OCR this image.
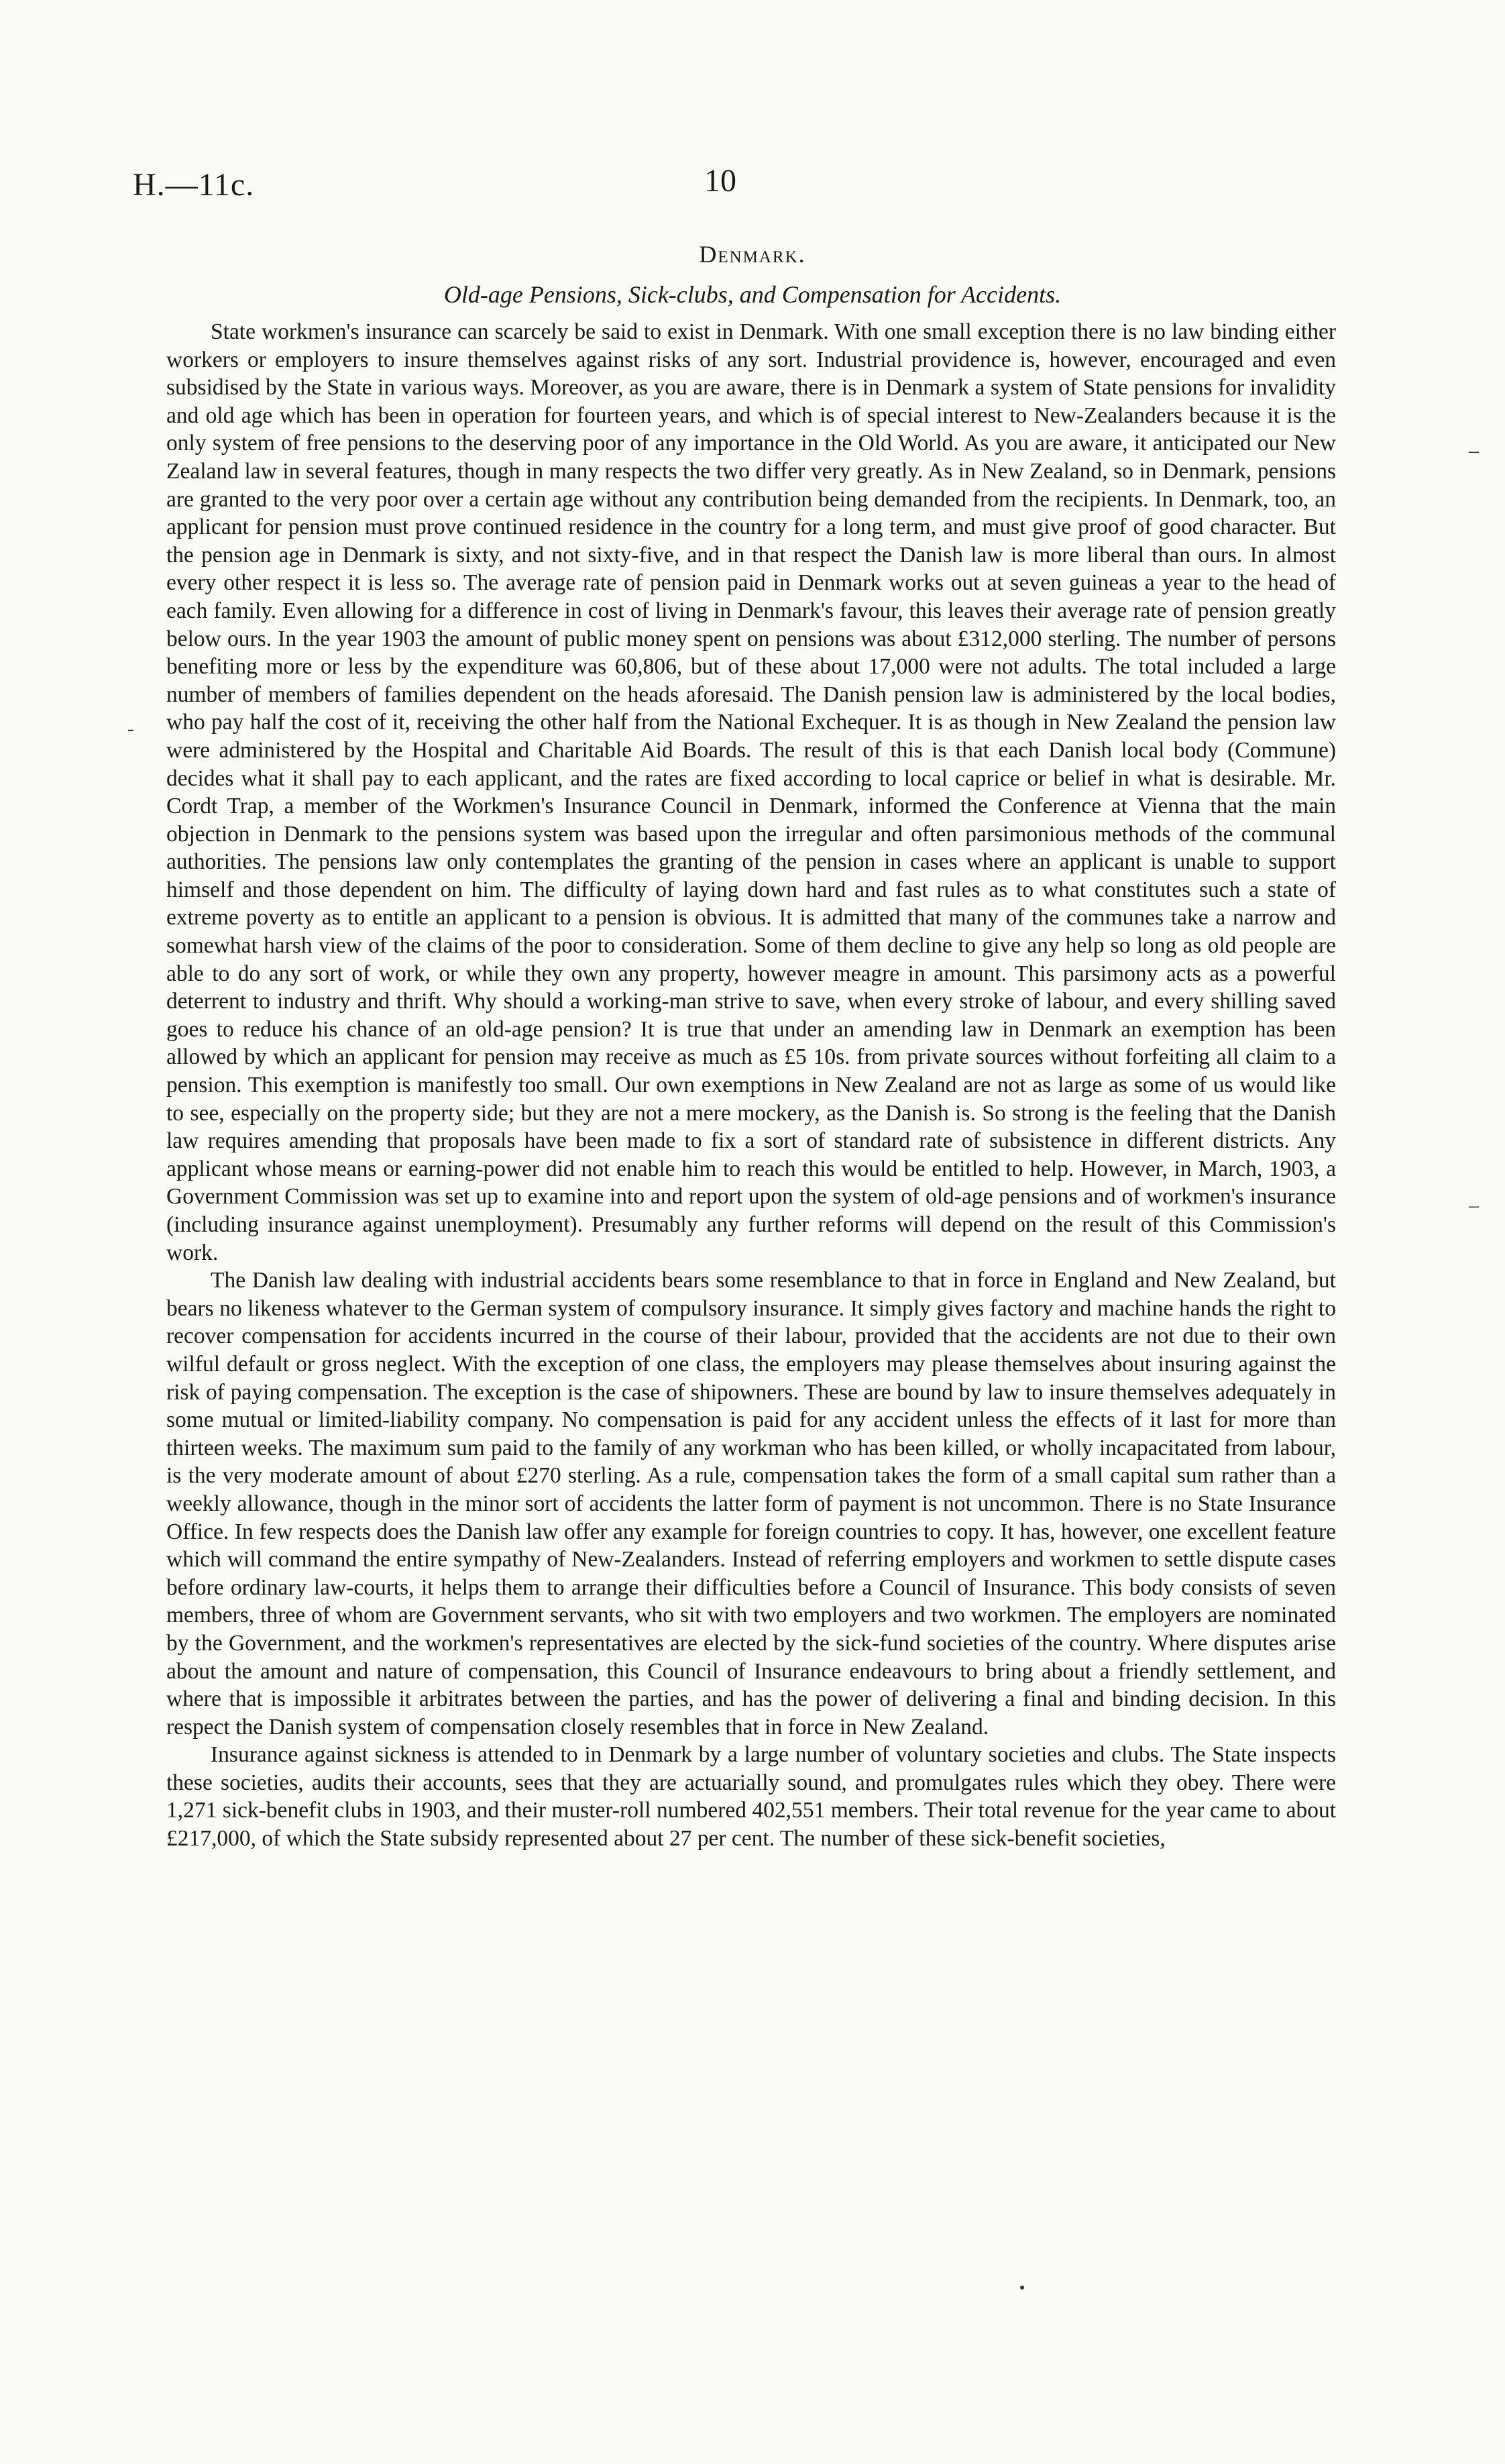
H.—11c.	10
Denmark.
Old-age Pensions, Sick-clubs, and Compensation for Accidents.

State workmen's insurance can scarcely be said to exist in Denmark. With one small exception there is no law binding either workers or employers to insure themselves against risks of any sort. Industrial providence is, however, encouraged and even subsidised by the State in various ways. Moreover, as you are aware, there is in Denmark a system of State pensions for invalidity and old age which has been in operation for fourteen years, and which is of special interest to New-Zealanders because it is the only system of free pensions to the deserving poor of any importance in the Old World. As you are aware, it anticipated our New Zealand law in several features, though in many respects the two differ very greatly. As in New Zealand, so in Denmark, pensions are granted to the very poor over a certain age without any contribution being demanded from the recipients. In Denmark, too, an applicant for pension must prove continued residence in the country for a long term, and must give proof of good character. But the pension age in Denmark is sixty, and not sixty-five, and in that respect the Danish law is more liberal than ours. In almost every other respect it is less so. The average rate of pension paid in Denmark works out at seven guineas a year to the head of each family. Even allowing for a difference in cost of living in Denmark's favour, this leaves their average rate of pension greatly below ours. In the year 1903 the amount of public money spent on pensions was about £312,000 sterling. The number of persons benefiting more or less by the expenditure was 60,806, but of these about 17,000 were not adults. The total included a large number of members of families dependent on the heads aforesaid. The Danish pension law is administered by the local bodies, who pay half the cost of it, receiving the other half from the National Exchequer. It is as though in New Zealand the pension law were administered by the Hospital and Charitable Aid Boards. The result of this is that each Danish local body (Commune) decides what it shall pay to each applicant, and the rates are fixed according to local caprice or belief in what is desirable. Mr. Cordt Trap, a member of the Workmen's Insurance Council in Denmark, informed the Conference at Vienna that the main objection in Denmark to the pensions system was based upon the irregular and often parsimonious methods of the communal authorities. The pensions law only contemplates the granting of the pension in cases where an applicant is unable to support himself and those dependent on him. The difficulty of laying down hard and fast rules as to what constitutes such a state of extreme poverty as to entitle an applicant to a pension is obvious. It is admitted that many of the communes take a narrow and somewhat harsh view of the claims of the poor to consideration. Some of them decline to give any help so long as old people are able to do any sort of work, or while they own any property, however meagre in amount. This parsimony acts as a powerful deterrent to industry and thrift. Why should a working-man strive to save, when every stroke of labour, and every shilling saved goes to reduce his chance of an old-age pension? It is true that under an amending law in Denmark an exemption has been allowed by which an applicant for pension may receive as much as £5 10s. from private sources without forfeiting all claim to a pension. This exemption is manifestly too small. Our own exemptions in New Zealand are not as large as some of us would like to see, especially on the property side; but they are not a mere mockery, as the Danish is. So strong is the feeling that the Danish law requires amending that proposals have been made to fix a sort of standard rate of subsistence in different districts. Any applicant whose means or earning-power did not enable him to reach this would be entitled to help. However, in March, 1903, a Government Commission was set up to examine into and report upon the system of old-age pensions and of workmen's insurance (including insurance against unemployment). Presumably any further reforms will depend on the result of this Commission's work.

The Danish law dealing with industrial accidents bears some resemblance to that in force in England and New Zealand, but bears no likeness whatever to the German system of compulsory insurance. It simply gives factory and machine hands the right to recover compensation for accidents incurred in the course of their labour, provided that the accidents are not due to their own wilful default or gross neglect. With the exception of one class, the employers may please themselves about insuring against the risk of paying compensation. The exception is the case of shipowners. These are bound by law to insure themselves adequately in some mutual or limited-liability company. No compensation is paid for any accident unless the effects of it last for more than thirteen weeks. The maximum sum paid to the family of any workman who has been killed, or wholly incapacitated from labour, is the very moderate amount of about £270 sterling. As a rule, compensation takes the form of a small capital sum rather than a weekly allowance, though in the minor sort of accidents the latter form of payment is not uncommon. There is no State Insurance Office. In few respects does the Danish law offer any example for foreign countries to copy. It has, however, one excellent feature which will command the entire sympathy of New-Zealanders. Instead of referring employers and workmen to settle dispute cases before ordinary law-courts, it helps them to arrange their difficulties before a Council of Insurance. This body consists of seven members, three of whom are Government servants, who sit with two employers and two workmen. The employers are nominated by the Government, and the workmen's representatives are elected by the sick-fund societies of the country. Where disputes arise about the amount and nature of compensation, this Council of Insurance endeavours to bring about a friendly settlement, and where that is impossible it arbitrates between the parties, and has the power of delivering a final and binding decision. In this respect the Danish system of compensation closely resembles that in force in New Zealand.

Insurance against sickness is attended to in Denmark by a large number of voluntary societies and clubs. The State inspects these societies, audits their accounts, sees that they are actuarially sound, and promulgates rules which they obey. There were 1,271 sick-benefit clubs in 1903, and their muster-roll numbered 402,551 members. Their total revenue for the year came to about £217,000, of which the State subsidy represented about 27 per cent. The number of these sick-benefit societies,

‒
‒
-
